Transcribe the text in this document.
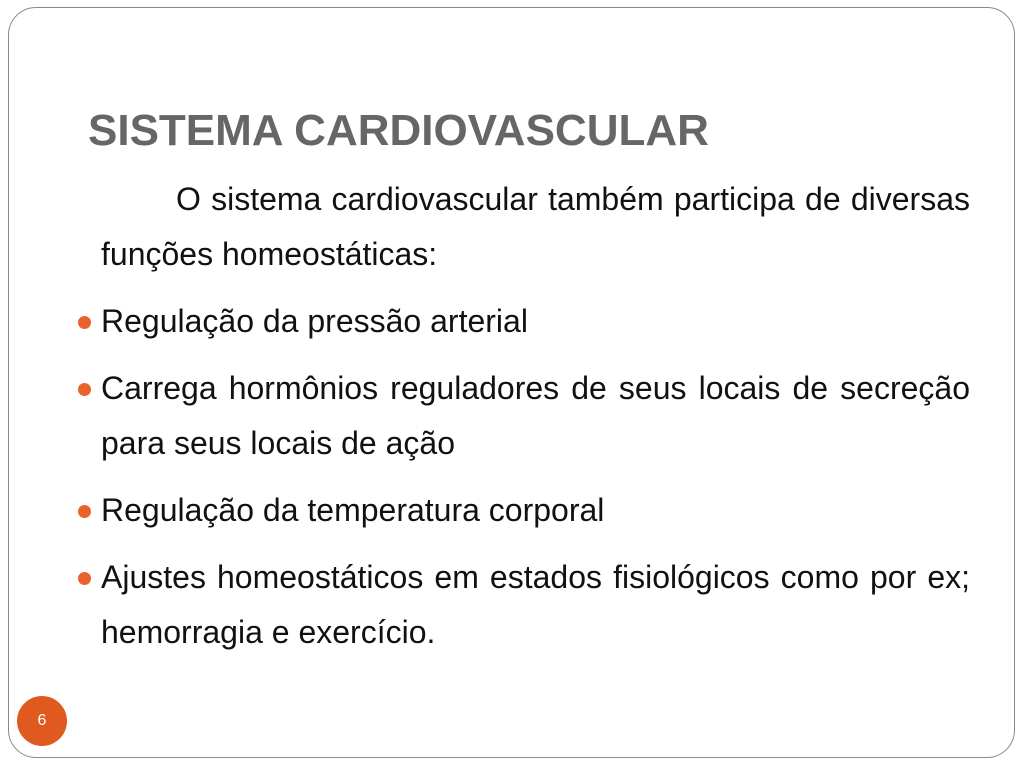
SISTEMA CARDIOVASCULAR

O sistema cardiovascular também participa de diversas funções homeostáticas:

Regulação da pressão arterial
Carrega hormônios reguladores de seus locais de secreção para seus locais de ação
Regulação da temperatura corporal
Ajustes homeostáticos em estados fisiológicos como por ex; hemorragia e exercício.
6
